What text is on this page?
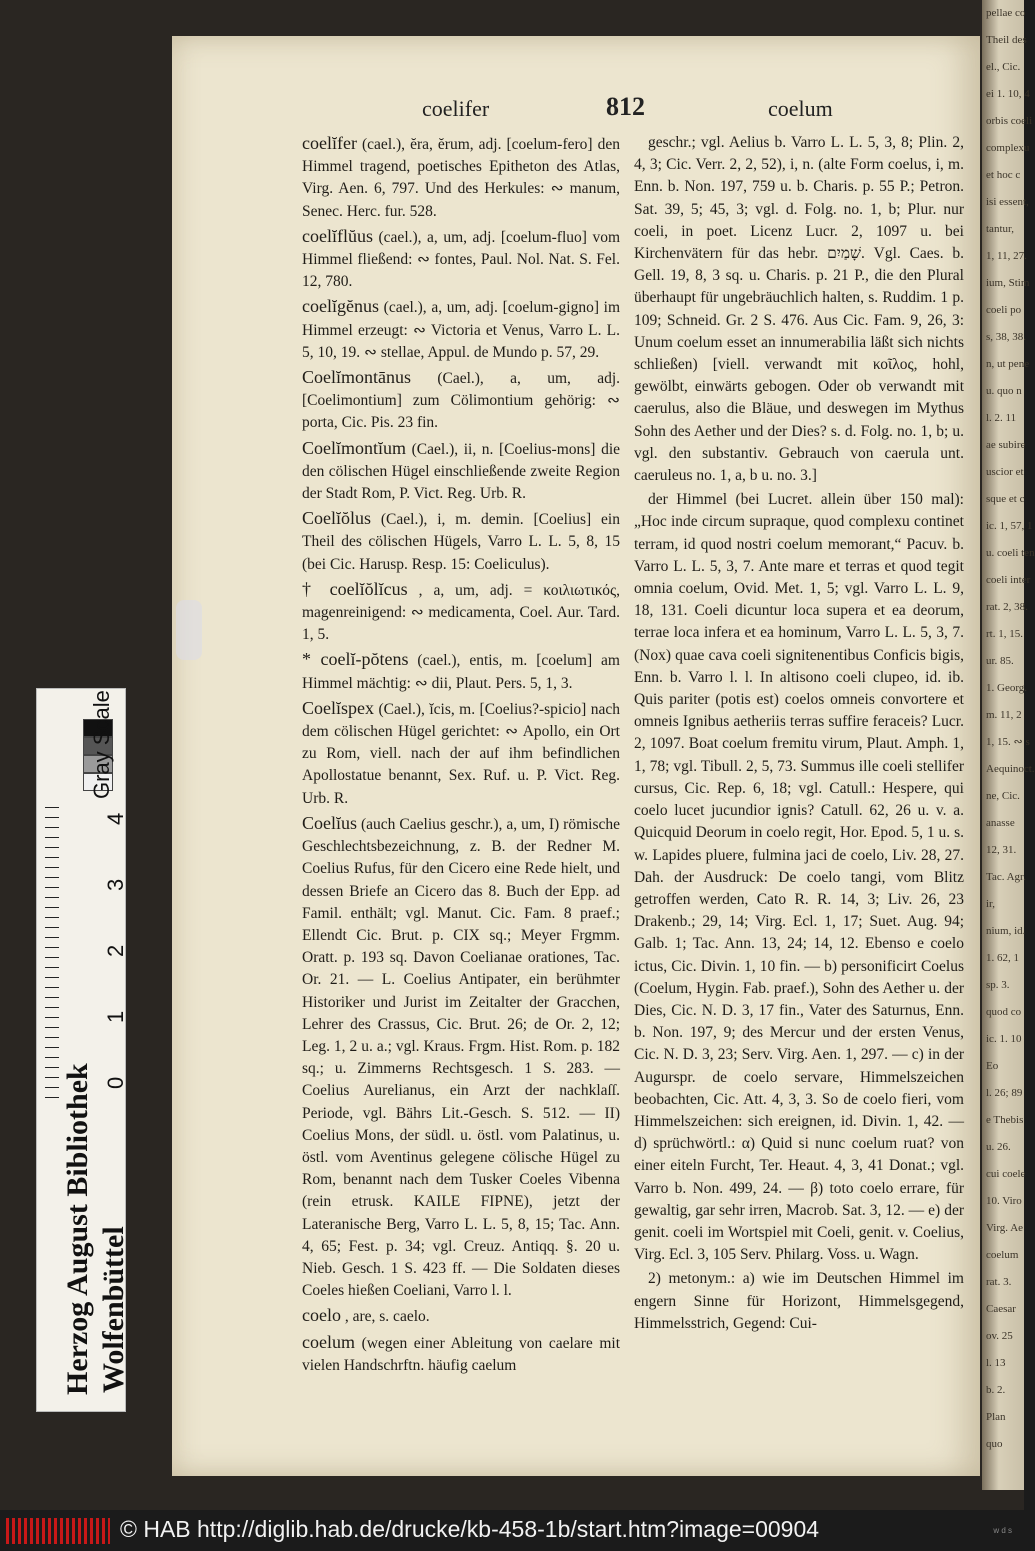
pellae co
Theil des
el., Cic.
ei 1. 10, 4
orbis coeli
complexu
et hoc c
isi essent,
tantur,
1, 11, 27.
ium, Stim
coeli po
s, 38, 38.
n, ut pene
u. quo n
l. 2. 11
ae subire
uscior et
sque et c
ic. 1, 57, 1
u. coeli ten
coeli inter
rat. 2, 38.
rt. 1, 15.
ur. 85.
1. Georg.
m. 11, 2
1, 15. ∾ s
Aequinoct.
ne, Cic.
anasse
12, 31.
Tac. Agr.
ir,
nium, id.
1. 62, 1
sp. 3.
quod co
ic. 1. 10
Eo
l. 26; 89
e Thebis
u. 26.
cui coele
10. Viro
Virg. Ae
coelum
rat. 3.
Caesar
ov. 25
l. 13
b. 2.
Plan
quo
coelifer	812	coelum

coelĭfer (cael.), ĕra, ĕrum, adj. [coelum-fero] den Himmel tragend, poetisches Epitheton des Atlas, Virg. Aen. 6, 797. Und des Herkules: ∾ manum, Senec. Herc. fur. 528.

coelĭflŭus (cael.), a, um, adj. [coelum-fluo] vom Himmel fließend: ∾ fontes, Paul. Nol. Nat. S. Fel. 12, 780.

coelĭgĕnus (cael.), a, um, adj. [coelum-gigno] im Himmel erzeugt: ∾ Victoria et Venus, Varro L. L. 5, 10, 19. ∾ stellae, Appul. de Mundo p. 57, 29.

Coelĭmontānus (Cael.), a, um, adj. [Coelimontium] zum Cölimontium gehörig: ∾ porta, Cic. Pis. 23 fin.

Coelĭmontĭum (Cael.), ii, n. [Coelius-mons] die den cölischen Hügel einschließende zweite Region der Stadt Rom, P. Vict. Reg. Urb. R.

Coelĭŏlus (Cael.), i, m. demin. [Coelius] ein Theil des cölischen Hügels, Varro L. L. 5, 8, 15 (bei Cic. Harusp. Resp. 15: Coeliculus).

† coelĭŏlĭcus , a, um, adj. = κοιλιωτικός, magenreinigend: ∾ medicamenta, Coel. Aur. Tard. 1, 5.

* coelĭ-pŏtens (cael.), entis, m. [coelum] am Himmel mächtig: ∾ dii, Plaut. Pers. 5, 1, 3.

Coelĭspex (Cael.), ĭcis, m. [Coelius?-spicio] nach dem cölischen Hügel gerichtet: ∾ Apollo, ein Ort zu Rom, viell. nach der auf ihm befindlichen Apollostatue benannt, Sex. Ruf. u. P. Vict. Reg. Urb. R.

Coelĭus (auch Caelius geschr.), a, um, I) römische Geschlechtsbezeichnung, z. B. der Redner M. Coelius Rufus, für den Cicero eine Rede hielt, und dessen Briefe an Cicero das 8. Buch der Epp. ad Famil. enthält; vgl. Manut. Cic. Fam. 8 praef.; Ellendt Cic. Brut. p. CIX sq.; Meyer Frgmm. Oratt. p. 193 sq. Davon Coelianae orationes, Tac. Or. 21. — L. Coelius Antipater, ein berühmter Historiker und Jurist im Zeitalter der Gracchen, Lehrer des Crassus, Cic. Brut. 26; de Or. 2, 12; Leg. 1, 2 u. a.; vgl. Kraus. Frgm. Hist. Rom. p. 182 sq.; u. Zimmerns Rechtsgesch. 1 S. 283. — Coelius Aurelianus, ein Arzt der nachklaſſ. Periode, vgl. Bährs Lit.-Gesch. S. 512. — II) Coelius Mons, der südl. u. östl. vom Palatinus, u. östl. vom Aventinus gelegene cölische Hügel zu Rom, benannt nach dem Tusker Coeles Vibenna (rein etrusk. KAILE FIPNE), jetzt der Lateranische Berg, Varro L. L. 5, 8, 15; Tac. Ann. 4, 65; Fest. p. 34; vgl. Creuz. Antiqq. §. 20 u. Nieb. Gesch. 1 S. 423 ff. — Die Soldaten dieses Coeles hießen Coeliani, Varro l. l.

coelo , are, s. caelo.

coelum (wegen einer Ableitung von caelare mit vielen Handschrftn. häufig caelum

geschr.; vgl. Aelius b. Varro L. L. 5, 3, 8; Plin. 2, 4, 3; Cic. Verr. 2, 2, 52), i, n. (alte Form coelus, i, m. Enn. b. Non. 197, 759 u. b. Charis. p. 55 P.; Petron. Sat. 39, 5; 45, 3; vgl. d. Folg. no. 1, b; Plur. nur coeli, in poet. Licenz Lucr. 2, 1097 u. bei Kirchenvätern für das hebr. שָׁמַיִם. Vgl. Caes. b. Gell. 19, 8, 3 sq. u. Charis. p. 21 P., die den Plural überhaupt für ungebräuchlich halten, s. Ruddim. 1 p. 109; Schneid. Gr. 2 S. 476. Aus Cic. Fam. 9, 26, 3: Unum coelum esset an innumerabilia läßt sich nichts schließen) [viell. verwandt mit κοῖλος, hohl, gewölbt, einwärts gebogen. Oder ob verwandt mit caerulus, also die Bläue, und deswegen im Mythus Sohn des Aether und der Dies? s. d. Folg. no. 1, b; u. vgl. den substantiv. Gebrauch von caerula unt. caeruleus no. 1, a, b u. no. 3.]

der Himmel (bei Lucret. allein über 150 mal): „Hoc inde circum supraque, quod complexu continet terram, id quod nostri coelum memorant,“ Pacuv. b. Varro L. L. 5, 3, 7. Ante mare et terras et quod tegit omnia coelum, Ovid. Met. 1, 5; vgl. Varro L. L. 9, 18, 131. Coeli dicuntur loca supera et ea deorum, terrae loca infera et ea hominum, Varro L. L. 5, 3, 7. (Nox) quae cava coeli signitenentibus Conficis bigis, Enn. b. Varro l. l. In altisono coeli clupeo, id. ib. Quis pariter (potis est) coelos omneis convortere et omneis Ignibus aetheriis terras suffire feraceis? Lucr. 2, 1097. Boat coelum fremitu virum, Plaut. Amph. 1, 1, 78; vgl. Tibull. 2, 5, 73. Summus ille coeli stellifer cursus, Cic. Rep. 6, 18; vgl. Catull.: Hespere, qui coelo lucet jucundior ignis? Catull. 62, 26 u. v. a. Quicquid Deorum in coelo regit, Hor. Epod. 5, 1 u. s. w. Lapides pluere, fulmina jaci de coelo, Liv. 28, 27. Dah. der Ausdruck: De coelo tangi, vom Blitz getroffen werden, Cato R. R. 14, 3; Liv. 26, 23 Drakenb.; 29, 14; Virg. Ecl. 1, 17; Suet. Aug. 94; Galb. 1; Tac. Ann. 13, 24; 14, 12. Ebenso e coelo ictus, Cic. Divin. 1, 10 fin. — b) personificirt Coelus (Coelum, Hygin. Fab. praef.), Sohn des Aether u. der Dies, Cic. N. D. 3, 17 fin., Vater des Saturnus, Enn. b. Non. 197, 9; des Mercur und der ersten Venus, Cic. N. D. 3, 23; Serv. Virg. Aen. 1, 297. — c) in der Augurspr. de coelo servare, Himmelszeichen beobachten, Cic. Att. 4, 3, 3. So de coelo fieri, vom Himmelszeichen: sich ereignen, id. Divin. 1, 42. — d) sprüchwörtl.: α) Quid si nunc coelum ruat? von einer eiteln Furcht, Ter. Heaut. 4, 3, 41 Donat.; vgl. Varro b. Non. 499, 24. — β) toto coelo errare, für gewaltig, gar sehr irren, Macrob. Sat. 3, 12. — e) der genit. coeli im Wortspiel mit Coeli, genit. v. Coelius, Virg. Ecl. 3, 105 Serv. Philarg. Voss. u. Wagn.

2) metonym.: a) wie im Deutschen Himmel im engern Sinne für Horizont, Himmelsgegend, Himmelsstrich, Gegend: Cui-

Gray Scale
0
1
2
3
4
Herzog August Bibliothek Wolfenbüttel
© HAB http://diglib.hab.de/drucke/kb-458-1b/start.htm?image=00904	w d s
